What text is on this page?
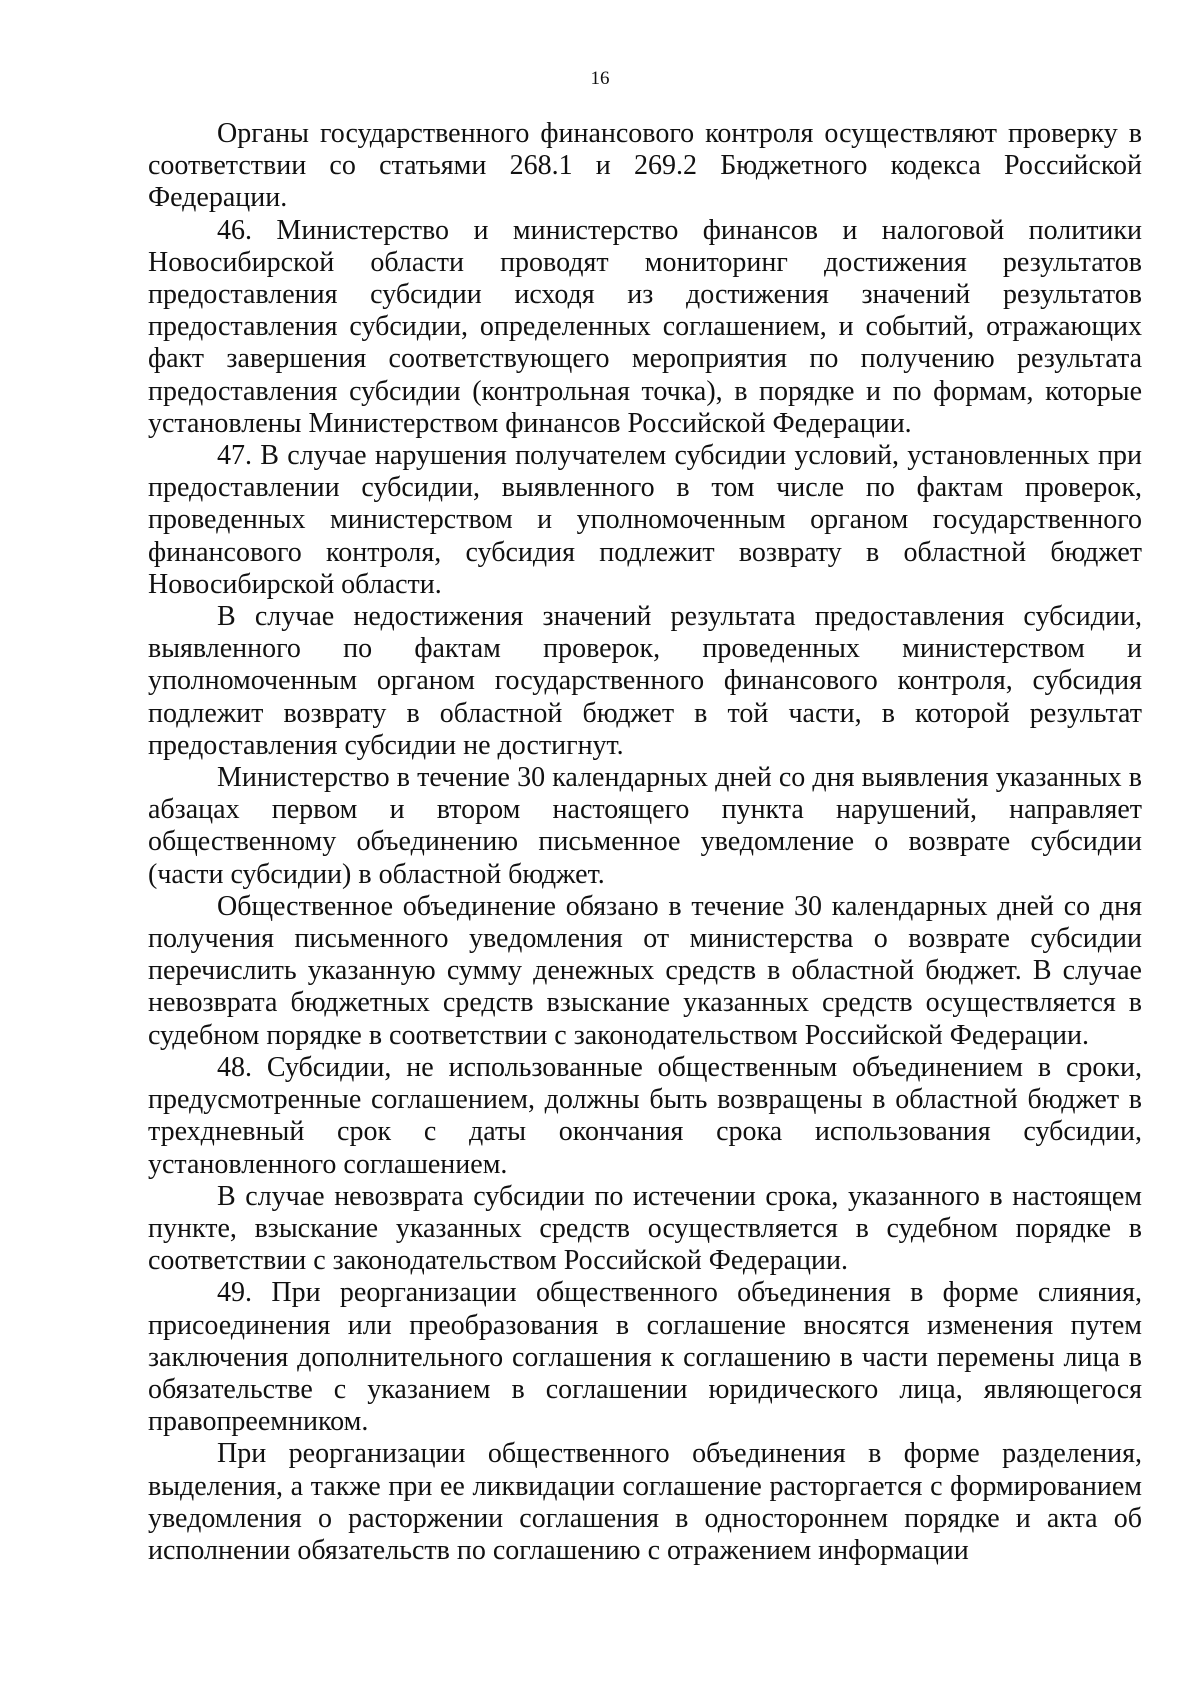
16

Органы государственного финансового контроля осуществляют проверку в соответствии со статьями 268.1 и 269.2 Бюджетного кодекса Российской Федерации.

46. Министерство и министерство финансов и налоговой политики Новосибирской области проводят мониторинг достижения результатов предоставления субсидии исходя из достижения значений результатов предоставления субсидии, определенных соглашением, и событий, отражающих факт завершения соответствующего мероприятия по получению результата предоставления субсидии (контрольная точка), в порядке и по формам, которые установлены Министерством финансов Российской Федерации.

47. В случае нарушения получателем субсидии условий, установленных при предоставлении субсидии, выявленного в том числе по фактам проверок, проведенных министерством и уполномоченным органом государственного финансового контроля, субсидия подлежит возврату в областной бюджет Новосибирской области.

В случае недостижения значений результата предоставления субсидии, выявленного по фактам проверок, проведенных министерством и уполномоченным органом государственного финансового контроля, субсидия подлежит возврату в областной бюджет в той части, в которой результат предоставления субсидии не достигнут.

Министерство в течение 30 календарных дней со дня выявления указанных в абзацах первом и втором настоящего пункта нарушений, направляет общественному объединению письменное уведомление о возврате субсидии (части субсидии) в областной бюджет.

Общественное объединение обязано в течение 30 календарных дней со дня получения письменного уведомления от министерства о возврате субсидии перечислить указанную сумму денежных средств в областной бюджет. В случае невозврата бюджетных средств взыскание указанных средств осуществляется в судебном порядке в соответствии с законодательством Российской Федерации.

48. Субсидии, не использованные общественным объединением в сроки, предусмотренные соглашением, должны быть возвращены в областной бюджет в трехдневный срок с даты окончания срока использования субсидии, установленного соглашением.

В случае невозврата субсидии по истечении срока, указанного в настоящем пункте, взыскание указанных средств осуществляется в судебном порядке в соответствии с законодательством Российской Федерации.

49. При реорганизации общественного объединения в форме слияния, присоединения или преобразования в соглашение вносятся изменения путем заключения дополнительного соглашения к соглашению в части перемены лица в обязательстве с указанием в соглашении юридического лица, являющегося правопреемником.

При реорганизации общественного объединения в форме разделения, выделения, а также при ее ликвидации соглашение расторгается с формированием уведомления о расторжении соглашения в одностороннем порядке и акта об исполнении обязательств по соглашению с отражением информации
